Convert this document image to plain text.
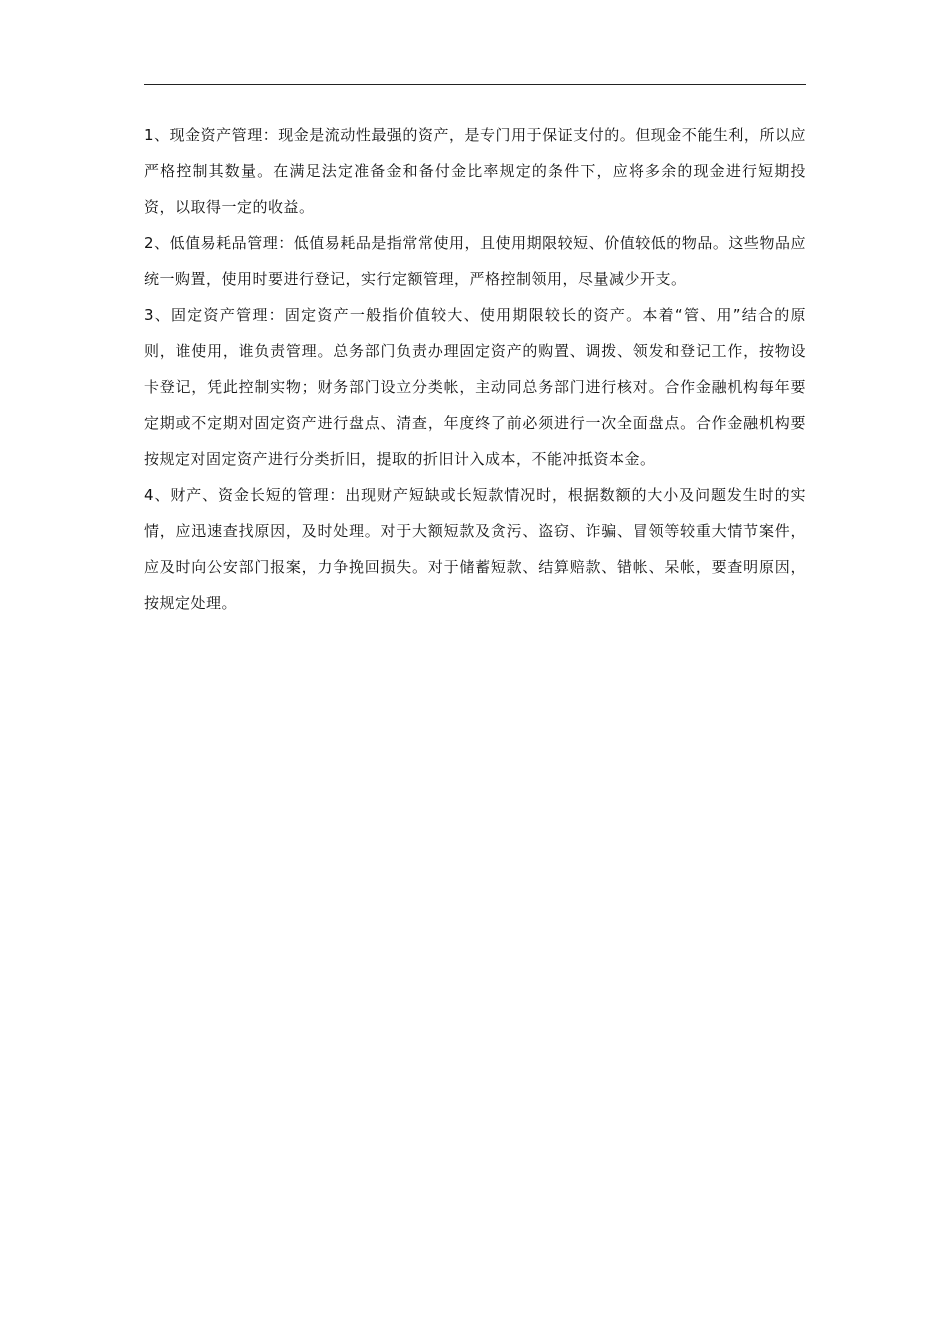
1、现金资产管理：现金是流动性最强的资产，是专门用于保证支付的。但现金不能生利，所以应严格控制其数量。在满足法定准备金和备付金比率规定的条件下，应将多余的现金进行短期投资，以取得一定的收益。

2、低值易耗品管理：低值易耗品是指常常使用，且使用期限较短、价值较低的物品。这些物品应统一购置，使用时要进行登记，实行定额管理，严格控制领用，尽量减少开支。

3、固定资产管理：固定资产一般指价值较大、使用期限较长的资产。本着“管、用”结合的原则，谁使用，谁负责管理。总务部门负责办理固定资产的购置、调拨、领发和登记工作，按物设卡登记，凭此控制实物；财务部门设立分类帐，主动同总务部门进行核对。合作金融机构每年要定期或不定期对固定资产进行盘点、清查，年度终了前必须进行一次全面盘点。合作金融机构要按规定对固定资产进行分类折旧，提取的折旧计入成本，不能冲抵资本金。

4、财产、资金长短的管理：出现财产短缺或长短款情况时，根据数额的大小及问题发生时的实情，应迅速查找原因，及时处理。对于大额短款及贪污、盗窃、诈骗、冒领等较重大情节案件，应及时向公安部门报案，力争挽回损失。对于储蓄短款、结算赔款、错帐、呆帐，要查明原因，按规定处理。
